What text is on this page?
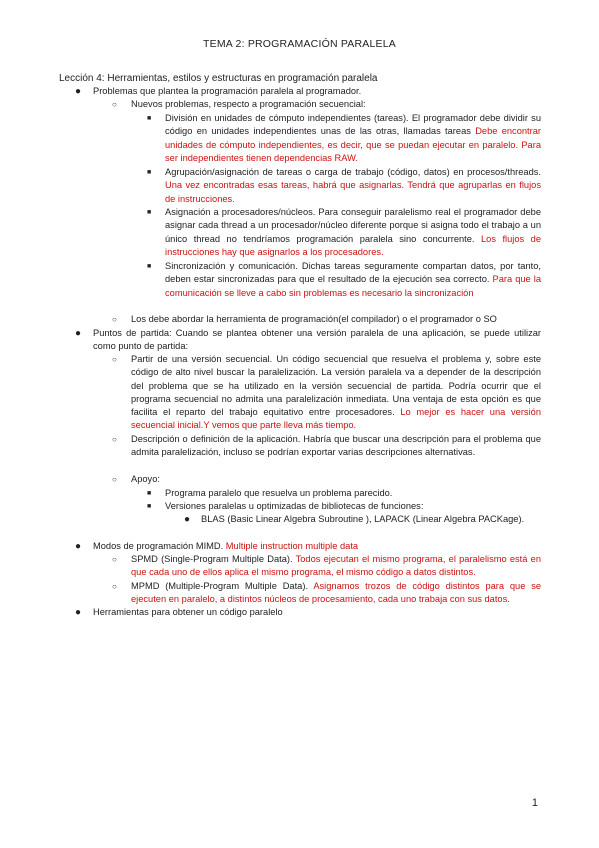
TEMA 2: PROGRAMACIÓN PARALELA
Lección 4: Herramientas, estilos y estructuras en programación paralela
● Problemas que plantea la programación paralela al programador.

○ Nuevos problemas, respecto a programación secuencial:

■ División en unidades de cómputo independientes (tareas). El programador debe dividir su código en unidades independientes unas de las otras, llamadas tareas Debe encontrar unidades de cómputo independientes, es decir, que se puedan ejecutar en paralelo. Para ser independientes tienen dependencias RAW.

■ Agrupación/asignación de tareas o carga de trabajo (código, datos) en procesos/threads. Una vez encontradas esas tareas, habrá que asignarlas. Tendrá que agruparlas en flujos de instrucciones.

■ Asignación a procesadores/núcleos. Para conseguir paralelismo real el programador debe asignar cada thread a un procesador/núcleo diferente porque si asigna todo el trabajo a un único thread no tendríamos programación paralela sino concurrente. Los flujos de instrucciones hay que asignarlos a los procesadores.

■ Sincronización y comunicación. Dichas tareas seguramente compartan datos, por tanto, deben estar sincronizadas para que el resultado de la ejecución sea correcto. Para que la comunicación se lleve a cabo sin problemas es necesario la sincronización

○ Los debe abordar la herramienta de programación(el compilador) o el programador o SO

● Puntos de partida: Cuando se plantea obtener una versión paralela de una aplicación, se puede utilizar como punto de partida:

○ Partir de una versión secuencial. Un código secuencial que resuelva el problema y, sobre este código de alto nivel buscar la paralelización. La versión paralela va a depender de la descripción del problema que se ha utilizado en la versión secuencial de partida. Podría ocurrir que el programa secuencial no admita una paralelización inmediata. Una ventaja de esta opción es que facilita el reparto del trabajo equitativo entre procesadores. Lo mejor es hacer una versión secuencial inicial.Y vemos que parte lleva más tiempo.

○ Descripción o definición de la aplicación. Habría que buscar una descripción para el problema que admita paralelización, incluso se podrían exportar varias descripciones alternativas.

○ Apoyo:

■ Programa paralelo que resuelva un problema parecido.

■ Versiones paralelas u optimizadas de bibliotecas de funciones:

● BLAS (Basic Linear Algebra Subroutine ), LAPACK (Linear Algebra PACKage).

● Modos de programación MIMD. Multiple instruction multiple data

○ SPMD (Single-Program Multiple Data). Todos ejecutan el mismo programa, el paralelismo está en que cada uno de ellos aplica el mismo programa, el mismo código a datos distintos.

○ MPMD (Multiple-Program Multiple Data). Asignamos trozos de código distintos para que se ejecuten en paralelo, a distintos núcleos de procesamiento, cada uno trabaja con sus datos.

● Herramientas para obtener un código paralelo

1
